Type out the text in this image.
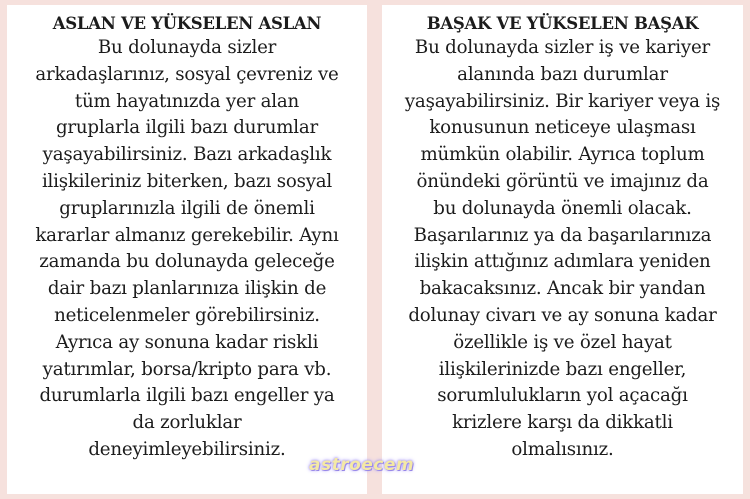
ASLAN VE YÜKSELEN ASLAN

Bu dolunayda sizler
arkadaşlarınız, sosyal çevreniz ve
tüm hayatınızda yer alan
gruplarla ilgili bazı durumlar
yaşayabilirsiniz. Bazı arkadaşlık
ilişkileriniz biterken, bazı sosyal
gruplarınızla ilgili de önemli
kararlar almanız gerekebilir. Aynı
zamanda bu dolunayda geleceğe
dair bazı planlarınıza ilişkin de
neticelenmeler görebilirsiniz.
Ayrıca ay sonuna kadar riskli
yatırımlar, borsa/kripto para vb.
durumlarla ilgili bazı engeller ya
da zorluklar
deneyimleyebilirsiniz.

BAŞAK VE YÜKSELEN BAŞAK

Bu dolunayda sizler iş ve kariyer
alanında bazı durumlar
yaşayabilirsiniz. Bir kariyer veya iş
konusunun neticeye ulaşması
mümkün olabilir. Ayrıca toplum
önündeki görüntü ve imajınız da
bu dolunayda önemli olacak.
Başarılarınız ya da başarılarınıza
ilişkin attığınız adımlara yeniden
bakacaksınız. Ancak bir yandan
dolunay civarı ve ay sonuna kadar
özellikle iş ve özel hayat
ilişkilerinizde bazı engeller,
sorumlulukların yol açacağı
krizlere karşı da dikkatli
olmalısınız.

astroecem
